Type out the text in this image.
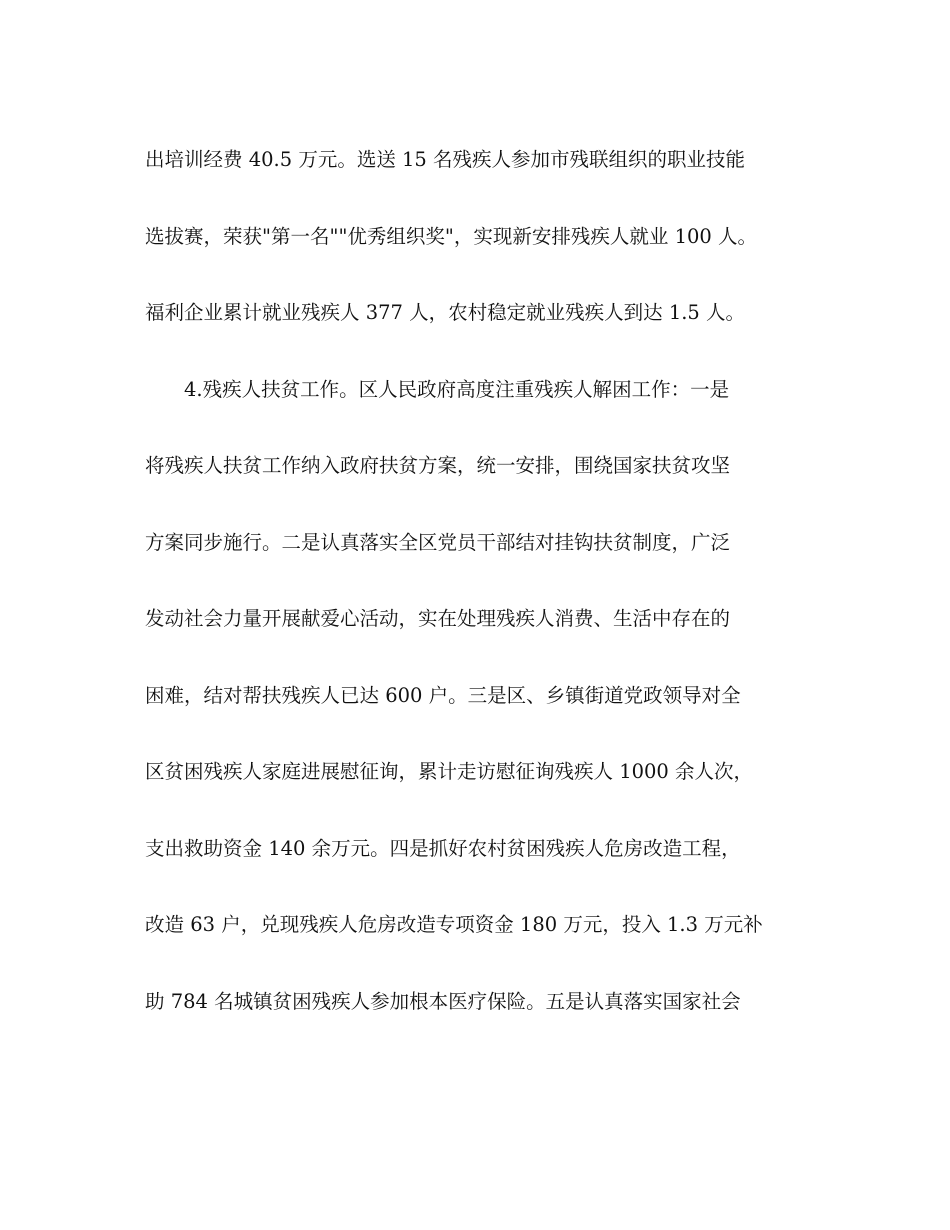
出培训经费 40.5 万元。选送 15 名残疾人参加市残联组织的职业技能
选拔赛，荣获"第一名""优秀组织奖"，实现新安排残疾人就业 100 人。
福利企业累计就业残疾人 377 人，农村稳定就业残疾人到达 1.5 人。
4.残疾人扶贫工作。区人民政府高度注重残疾人解困工作：一是
将残疾人扶贫工作纳入政府扶贫方案，统一安排，围绕国家扶贫攻坚
方案同步施行。二是认真落实全区党员干部结对挂钩扶贫制度，广泛
发动社会力量开展献爱心活动，实在处理残疾人消费、生活中存在的
困难，结对帮扶残疾人已达 600 户。三是区、乡镇街道党政领导对全
区贫困残疾人家庭进展慰征询，累计走访慰征询残疾人 1000 余人次，
支出救助资金 140 余万元。四是抓好农村贫困残疾人危房改造工程，
改造 63 户，兑现残疾人危房改造专项资金 180 万元，投入 1.3 万元补
助 784 名城镇贫困残疾人参加根本医疗保险。五是认真落实国家社会
